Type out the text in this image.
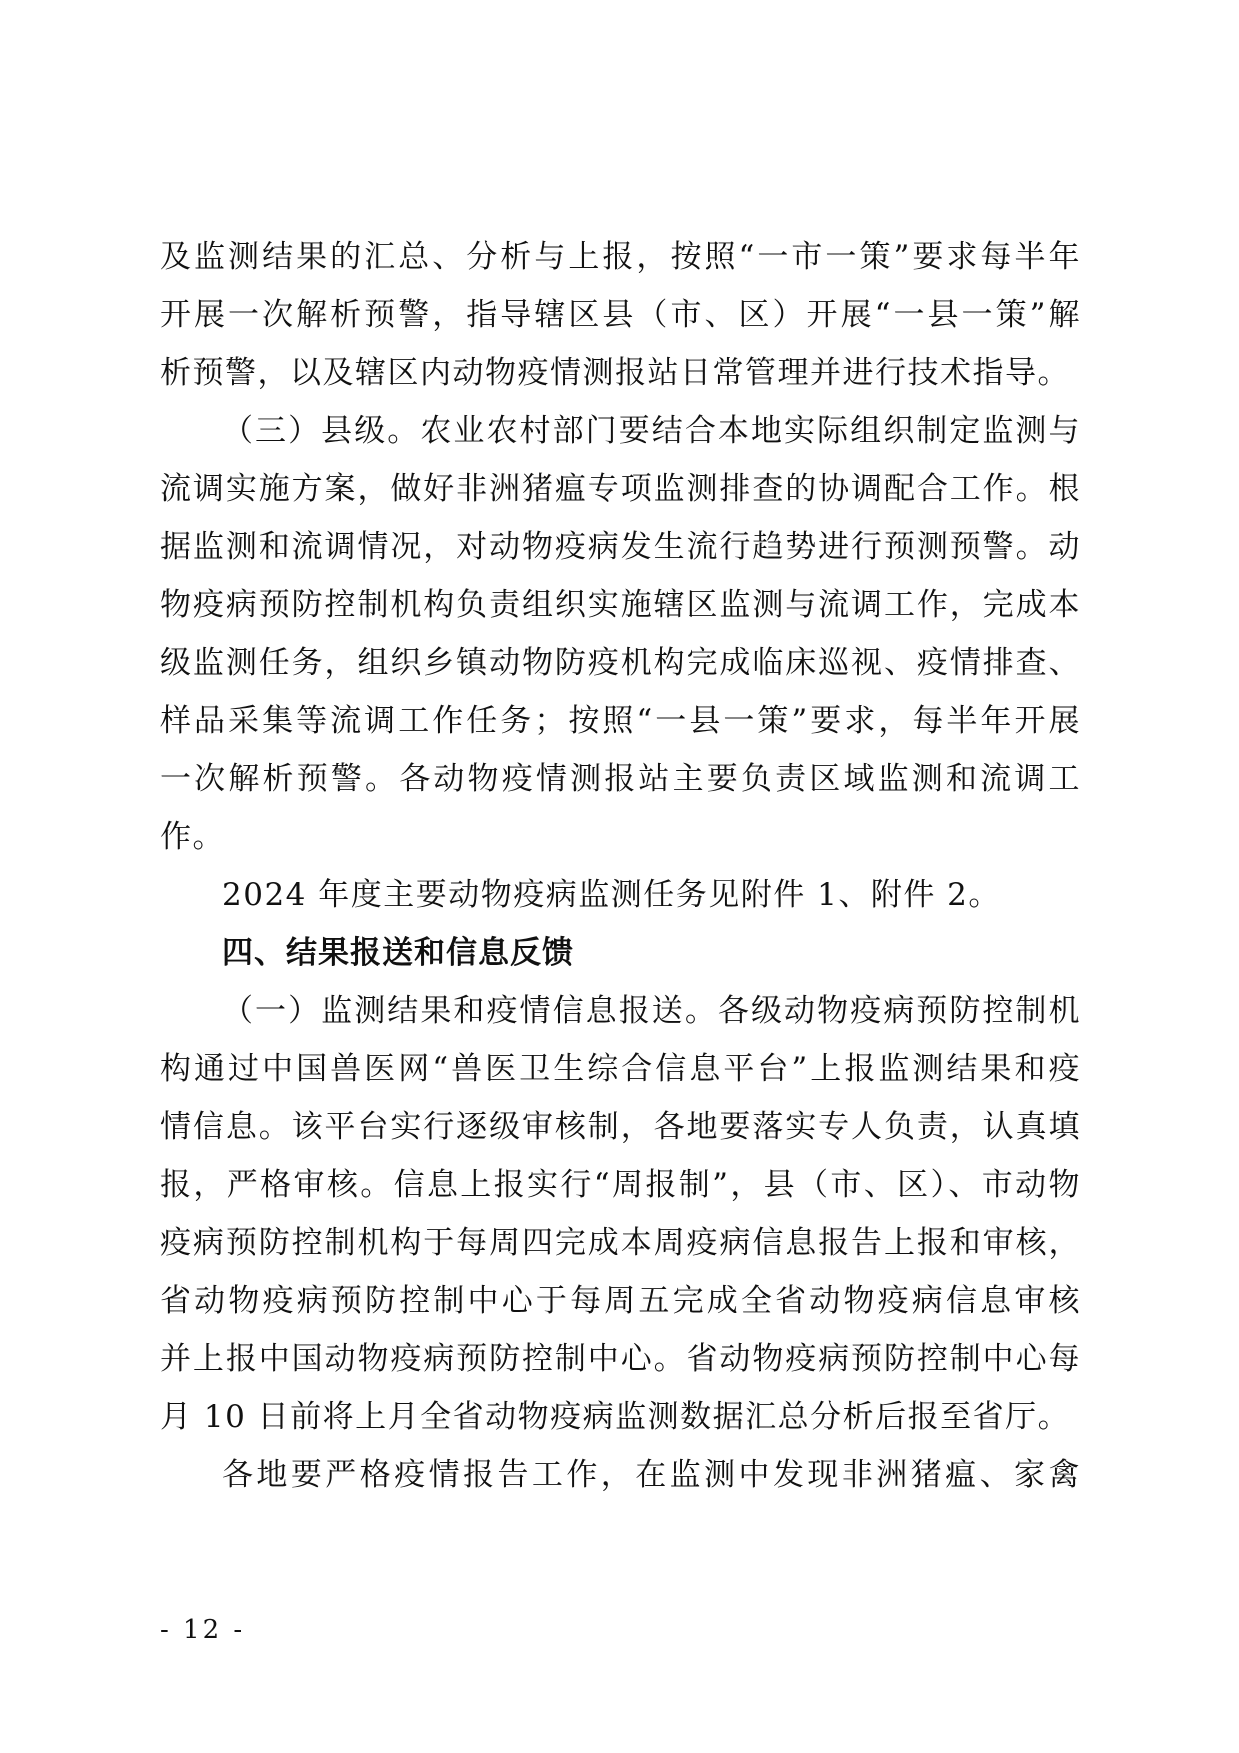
及监测结果的汇总、分析与上报，按照“一市一策”要求每半年
开展一次解析预警，指导辖区县（市、区）开展“一县一策”解
析预警，以及辖区内动物疫情测报站日常管理并进行技术指导。
（三）县级。农业农村部门要结合本地实际组织制定监测与
流调实施方案，做好非洲猪瘟专项监测排查的协调配合工作。根
据监测和流调情况，对动物疫病发生流行趋势进行预测预警。动
物疫病预防控制机构负责组织实施辖区监测与流调工作，完成本
级监测任务，组织乡镇动物防疫机构完成临床巡视、疫情排查、
样品采集等流调工作任务；按照“一县一策”要求，每半年开展
一次解析预警。各动物疫情测报站主要负责区域监测和流调工
作。
2024 年度主要动物疫病监测任务见附件 1、附件 2。
四、结果报送和信息反馈
（一）监测结果和疫情信息报送。各级动物疫病预防控制机
构通过中国兽医网“兽医卫生综合信息平台”上报监测结果和疫
情信息。该平台实行逐级审核制，各地要落实专人负责，认真填
报，严格审核。信息上报实行“周报制”，县（市、区）、市动物
疫病预防控制机构于每周四完成本周疫病信息报告上报和审核，
省动物疫病预防控制中心于每周五完成全省动物疫病信息审核
并上报中国动物疫病预防控制中心。省动物疫病预防控制中心每
月 10 日前将上月全省动物疫病监测数据汇总分析后报至省厅。
各地要严格疫情报告工作，在监测中发现非洲猪瘟、家禽
- 12 -
